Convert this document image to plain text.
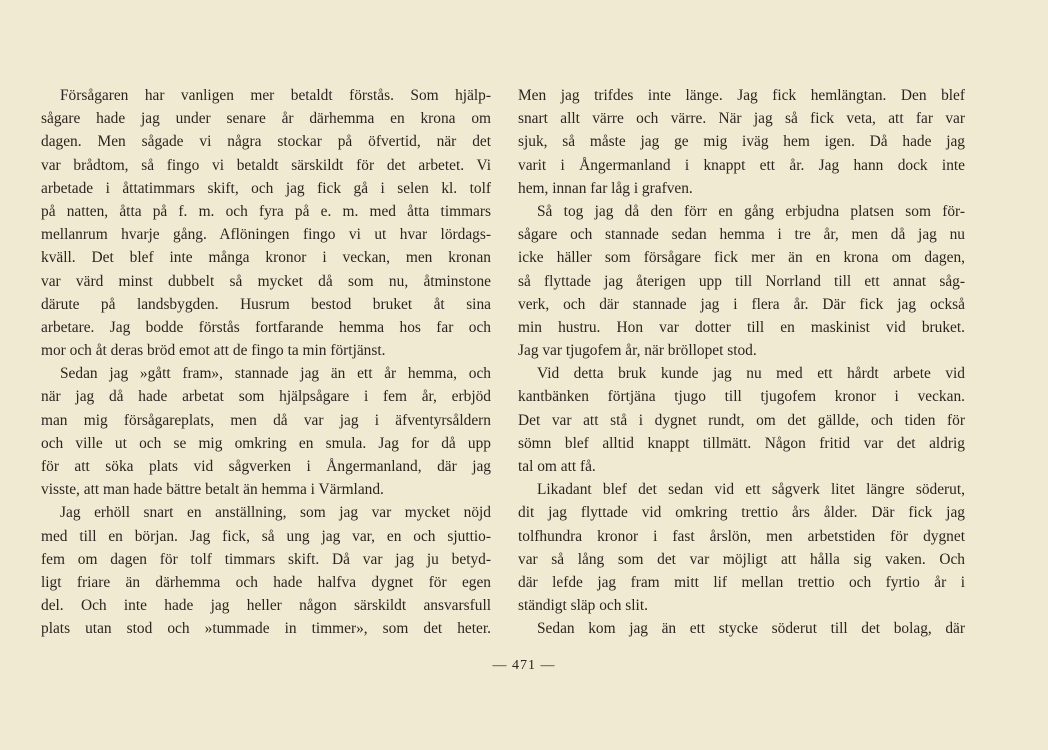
Försågaren har vanligen mer betaldt förstås. Som hjälp-
sågare hade jag under senare år därhemma en krona om
dagen. Men sågade vi några stockar på öfvertid, när det
var brådtom, så fingo vi betaldt särskildt för det arbetet. Vi
arbetade i åttatimmars skift, och jag fick gå i selen kl. tolf
på natten, åtta på f. m. och fyra på e. m. med åtta timmars
mellanrum hvarje gång. Aflöningen fingo vi ut hvar lördags-
kväll. Det blef inte många kronor i veckan, men kronan
var värd minst dubbelt så mycket då som nu, åtminstone
därute på landsbygden. Husrum bestod bruket åt sina
arbetare. Jag bodde förstås fortfarande hemma hos far och
mor och åt deras bröd emot att de fingo ta min förtjänst.
Sedan jag »gått fram», stannade jag än ett år hemma, och
när jag då hade arbetat som hjälpsågare i fem år, erbjöd
man mig försågareplats, men då var jag i äfventyrsåldern
och ville ut och se mig omkring en smula. Jag for då upp
för att söka plats vid sågverken i Ångermanland, där jag
visste, att man hade bättre betalt än hemma i Värmland.
Jag erhöll snart en anställning, som jag var mycket nöjd
med till en början. Jag fick, så ung jag var, en och sjuttio-
fem om dagen för tolf timmars skift. Då var jag ju betyd-
ligt friare än därhemma och hade halfva dygnet för egen
del. Och inte hade jag heller någon särskildt ansvarsfull
plats utan stod och »tummade in timmer», som det heter.
Men jag trifdes inte länge. Jag fick hemlängtan. Den blef
snart allt värre och värre. När jag så fick veta, att far var
sjuk, så måste jag ge mig iväg hem igen. Då hade jag
varit i Ångermanland i knappt ett år. Jag hann dock inte
hem, innan far låg i grafven.
Så tog jag då den förr en gång erbjudna platsen som för-
sågare och stannade sedan hemma i tre år, men då jag nu
icke häller som försågare fick mer än en krona om dagen,
så flyttade jag återigen upp till Norrland till ett annat såg-
verk, och där stannade jag i flera år. Där fick jag också
min hustru. Hon var dotter till en maskinist vid bruket.
Jag var tjugofem år, när bröllopet stod.
Vid detta bruk kunde jag nu med ett hårdt arbete vid
kantbänken förtjäna tjugo till tjugofem kronor i veckan.
Det var att stå i dygnet rundt, om det gällde, och tiden för
sömn blef alltid knappt tillmätt. Någon fritid var det aldrig
tal om att få.
Likadant blef det sedan vid ett sågverk litet längre söderut,
dit jag flyttade vid omkring trettio års ålder. Där fick jag
tolfhundra kronor i fast årslön, men arbetstiden för dygnet
var så lång som det var möjligt att hålla sig vaken. Och
där lefde jag fram mitt lif mellan trettio och fyrtio år i
ständigt släp och slit.
Sedan kom jag än ett stycke söderut till det bolag, där
— 471 —
